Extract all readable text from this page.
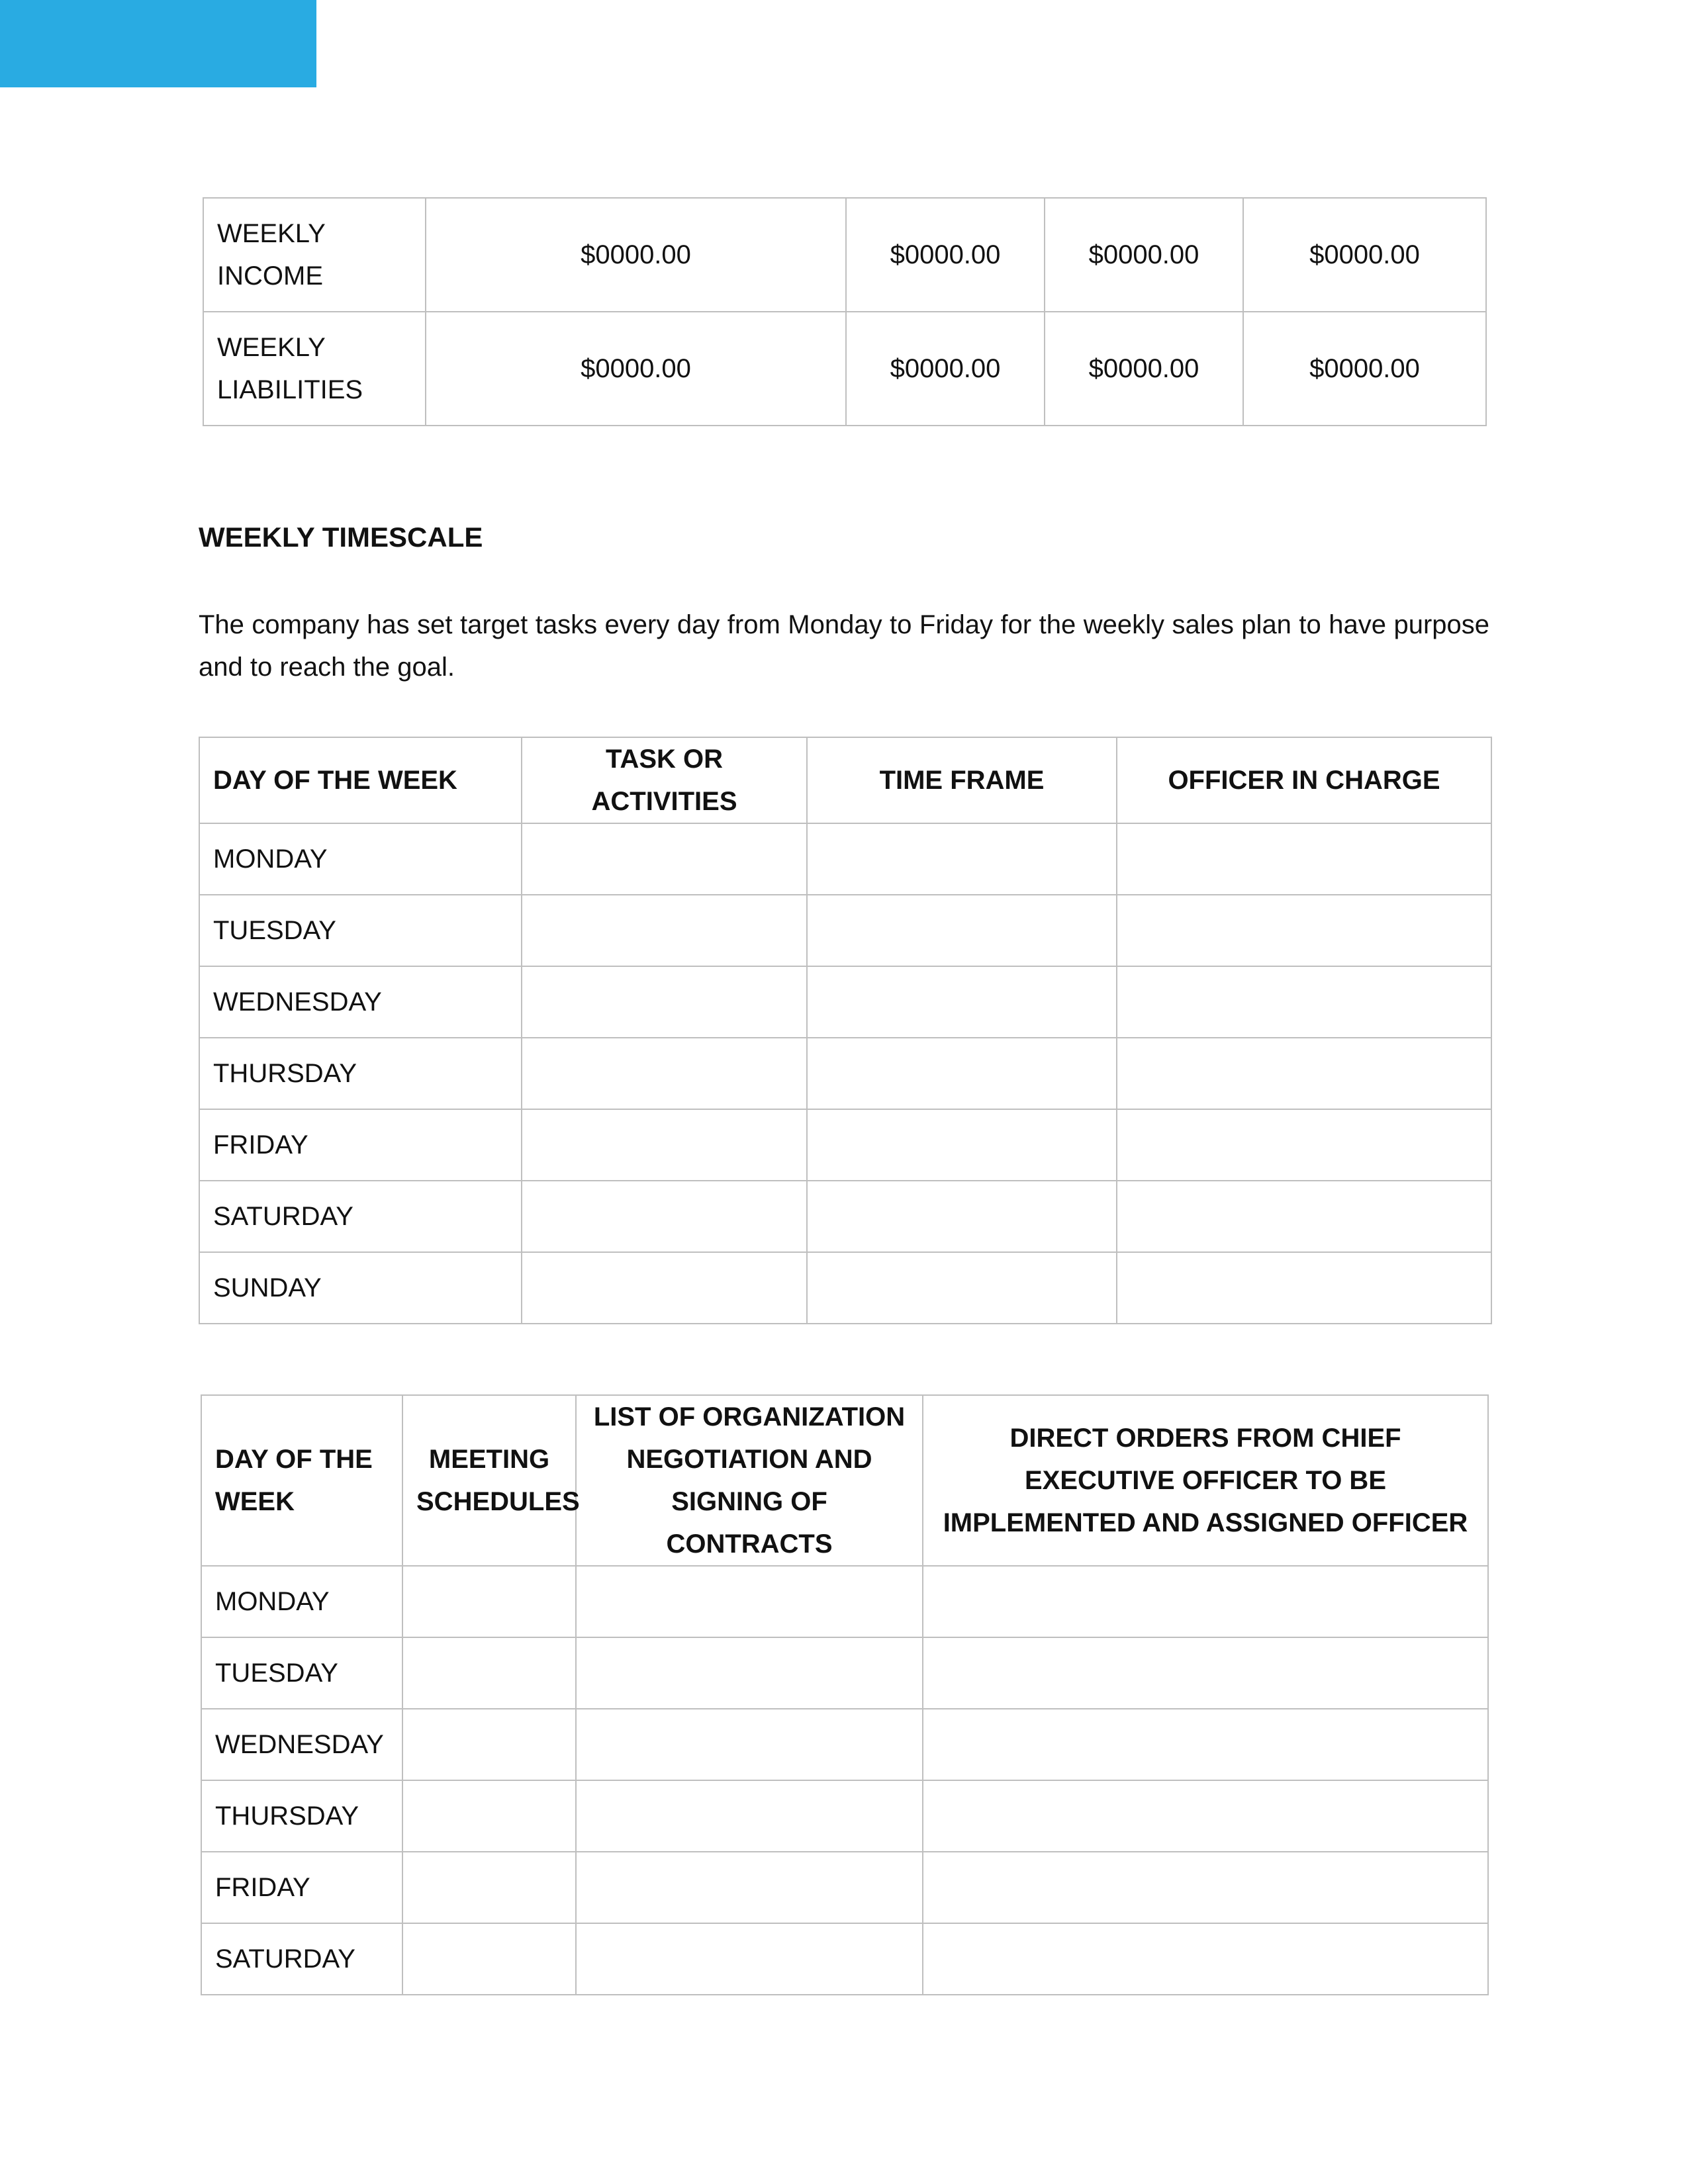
WEEKLY INCOME	$0000.00	$0000.00	$0000.00	$0000.00
WEEKLY LIABILITIES	$0000.00	$0000.00	$0000.00	$0000.00
WEEKLY TIMESCALE

The company has set target tasks every day from Monday to Friday for the weekly sales plan to have purpose and to reach the goal.

DAY OF THE WEEK	TASK OR ACTIVITIES	TIME FRAME	OFFICER IN CHARGE
MONDAY			
TUESDAY			
WEDNESDAY			
THURSDAY			
FRIDAY			
SATURDAY			
SUNDAY			
DAY OF THE WEEK	MEETING SCHEDULES	LIST OF ORGANIZATION NEGOTIATION AND SIGNING OF CONTRACTS	DIRECT ORDERS FROM CHIEF EXECUTIVE OFFICER TO BE IMPLEMENTED AND ASSIGNED OFFICER
MONDAY			
TUESDAY			
WEDNESDAY			
THURSDAY			
FRIDAY			
SATURDAY			
